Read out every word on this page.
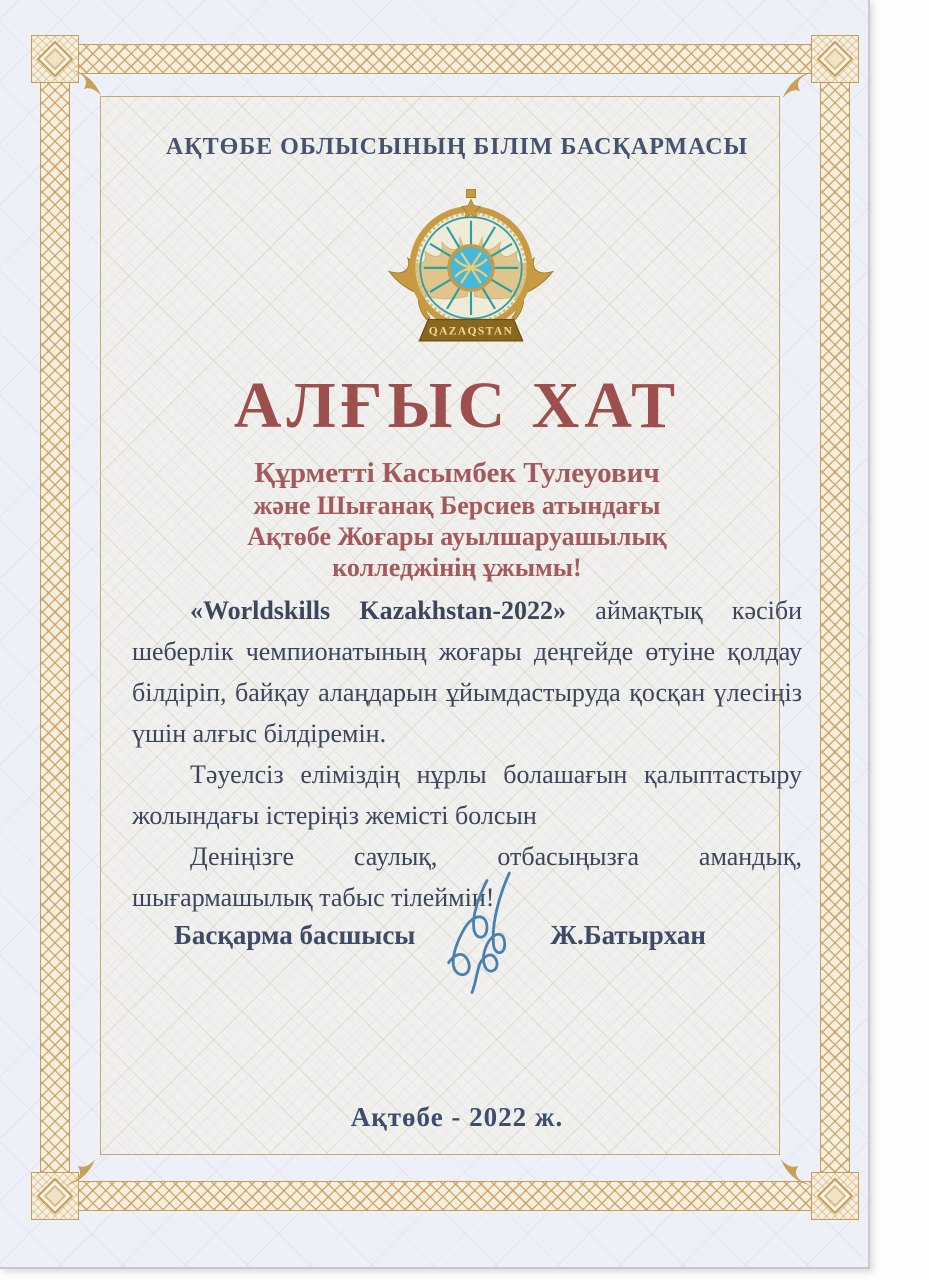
АҚТӨБЕ ОБЛЫСЫНЫҢ БІЛІМ БАСҚАРМАСЫ
QAZAQSTAN
АЛҒЫС ХАТ
Құрметті Касымбек Тулеуович
және Шығанақ Берсиев атындағы
Ақтөбе Жоғары ауылшаруашылық
колледжінің ұжымы!

«Worldskills Kazakhstan-2022» аймақтық кәсіби шеберлік чемпионатының жоғары деңгейде өтуіне қолдау білдіріп, байқау алаңдарын ұйымдастыруда қосқан үлесіңіз үшін алғыс білдіремін.

Тәуелсіз еліміздің нұрлы болашағын қалыптастыру жолындағы істеріңіз жемісті болсын

Деніңізге саулық, отбасыңызға амандық, шығармашылық табыс тілеймін!

Басқарма басшысы	Ж.Батырхан
Ақтөбе - 2022 ж.
